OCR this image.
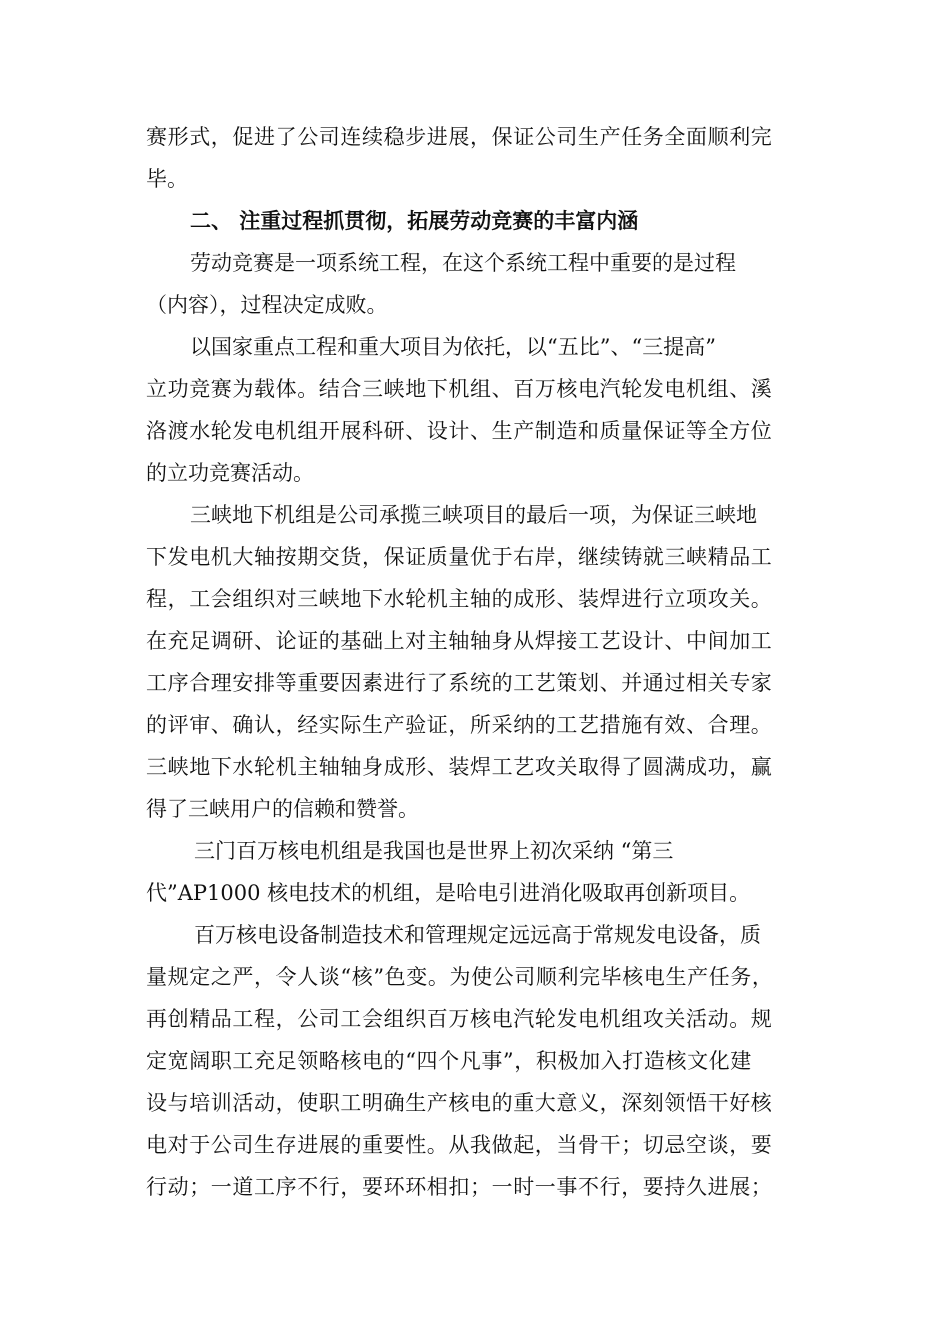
赛形式，促进了公司连续稳步进展，保证公司生产任务全面顺利完
毕。
二、 注重过程抓贯彻，拓展劳动竞赛的丰富内涵
劳动竞赛是一项系统工程，在这个系统工程中重要的是过程
（内容），过程决定成败。
以国家重点工程和重大项目为依托，以“五比”、“三提高”
立功竞赛为载体。结合三峡地下机组、百万核电汽轮发电机组、溪
洛渡水轮发电机组开展科研、设计、生产制造和质量保证等全方位
的立功竞赛活动。
三峡地下机组是公司承揽三峡项目的最后一项，为保证三峡地
下发电机大轴按期交货，保证质量优于右岸，继续铸就三峡精品工
程，工会组织对三峡地下水轮机主轴的成形、装焊进行立项攻关。
在充足调研、论证的基础上对主轴轴身从焊接工艺设计、中间加工
工序合理安排等重要因素进行了系统的工艺策划、并通过相关专家
的评审、确认，经实际生产验证，所采纳的工艺措施有效、合理。
三峡地下水轮机主轴轴身成形、装焊工艺攻关取得了圆满成功，赢
得了三峡用户的信赖和赞誉。
三门百万核电机组是我国也是世界上初次采纳 “第三
代”AP1000 核电技术的机组，是哈电引进消化吸取再创新项目。
百万核电设备制造技术和管理规定远远高于常规发电设备，质
量规定之严，令人谈“核”色变。为使公司顺利完毕核电生产任务，
再创精品工程，公司工会组织百万核电汽轮发电机组攻关活动。规
定宽阔职工充足领略核电的“四个凡事”，积极加入打造核文化建
设与培训活动，使职工明确生产核电的重大意义，深刻领悟干好核
电对于公司生存进展的重要性。从我做起，当骨干；切忌空谈，要
行动；一道工序不行，要环环相扣；一时一事不行，要持久进展；
